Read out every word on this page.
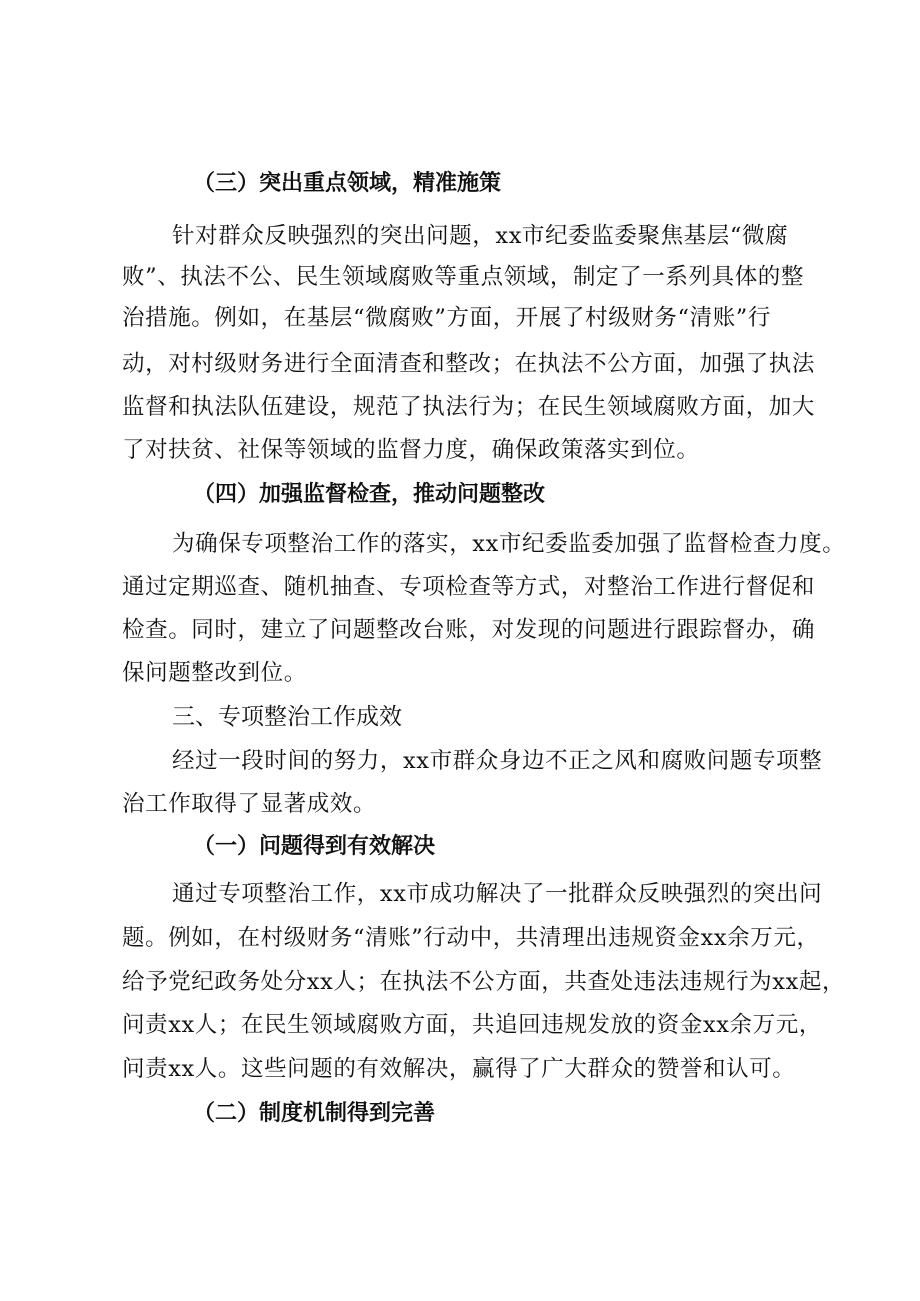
（三）突出重点领域，精准施策
针对群众反映强烈的突出问题，xx市纪委监委聚焦基层“微腐
败”、执法不公、民生领域腐败等重点领域，制定了一系列具体的整
治措施。例如，在基层“微腐败”方面，开展了村级财务“清账”行
动，对村级财务进行全面清查和整改；在执法不公方面，加强了执法
监督和执法队伍建设，规范了执法行为；在民生领域腐败方面，加大
了对扶贫、社保等领域的监督力度，确保政策落实到位。
（四）加强监督检查，推动问题整改
为确保专项整治工作的落实，xx市纪委监委加强了监督检查力度。
通过定期巡查、随机抽查、专项检查等方式，对整治工作进行督促和
检查。同时，建立了问题整改台账，对发现的问题进行跟踪督办，确
保问题整改到位。
三、专项整治工作成效
经过一段时间的努力，xx市群众身边不正之风和腐败问题专项整
治工作取得了显著成效。
（一）问题得到有效解决
通过专项整治工作，xx市成功解决了一批群众反映强烈的突出问
题。例如，在村级财务“清账”行动中，共清理出违规资金xx余万元，
给予党纪政务处分xx人；在执法不公方面，共查处违法违规行为xx起，
问责xx人；在民生领域腐败方面，共追回违规发放的资金xx余万元，
问责xx人。这些问题的有效解决，赢得了广大群众的赞誉和认可。
（二）制度机制得到完善
